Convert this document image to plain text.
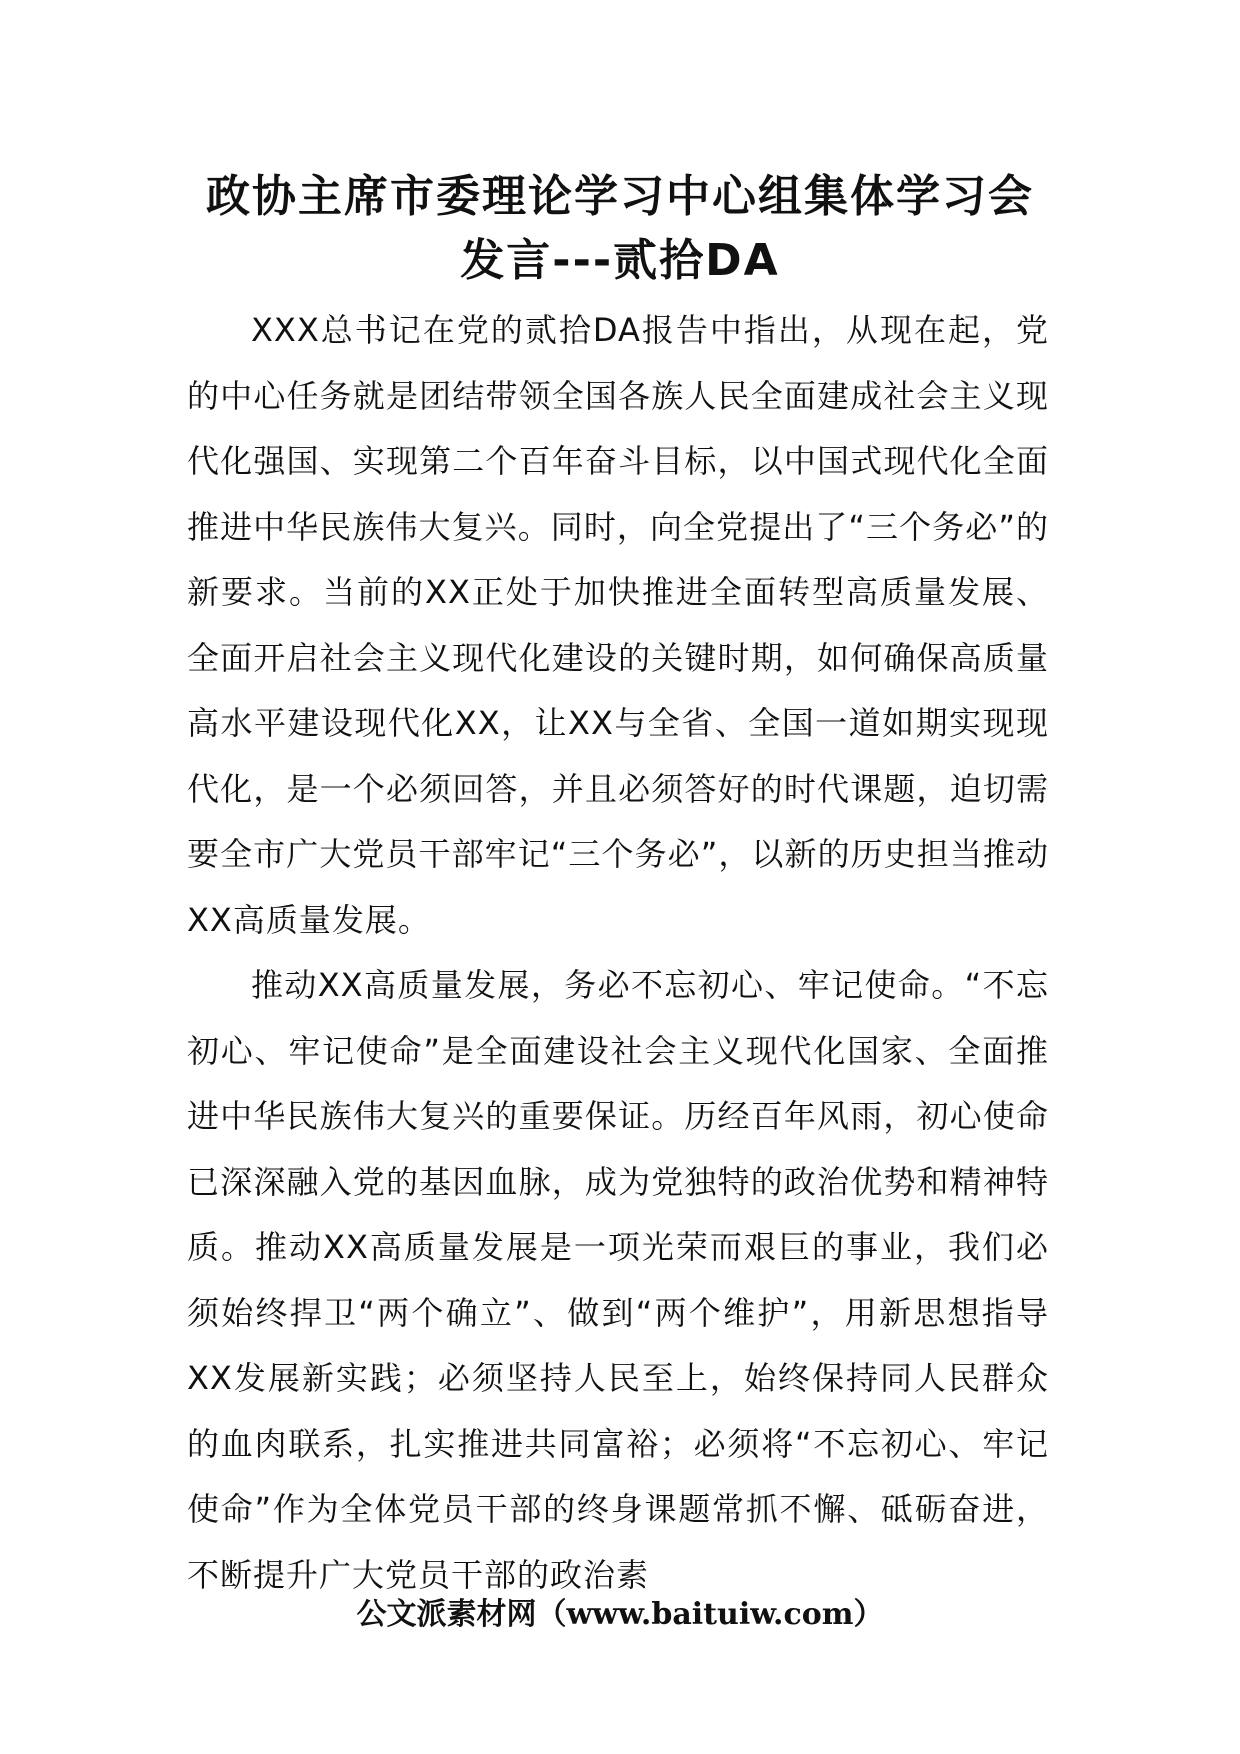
政协主席市委理论学习中心组集体学习会
发言---贰拾DA

XXX总书记在党的贰拾DA报告中指出，从现在起，党的中心任务就是团结带领全国各族人民全面建成社会主义现代化强国、实现第二个百年奋斗目标，以中国式现代化全面推进中华民族伟大复兴。同时，向全党提出了“三个务必”的新要求。当前的XX正处于加快推进全面转型高质量发展、全面开启社会主义现代化建设的关键时期，如何确保高质量高水平建设现代化XX，让XX与全省、全国一道如期实现现代化，是一个必须回答，并且必须答好的时代课题，迫切需要全市广大党员干部牢记“三个务必”，以新的历史担当推动XX高质量发展。

推动XX高质量发展，务必不忘初心、牢记使命。“不忘初心、牢记使命”是全面建设社会主义现代化国家、全面推进中华民族伟大复兴的重要保证。历经百年风雨，初心使命已深深融入党的基因血脉，成为党独特的政治优势和精神特质。推动XX高质量发展是一项光荣而艰巨的事业，我们必须始终捍卫“两个确立”、做到“两个维护”，用新思想指导XX发展新实践；必须坚持人民至上，始终保持同人民群众的血肉联系，扎实推进共同富裕；必须将“不忘初心、牢记使命”作为全体党员干部的终身课题常抓不懈、砥砺奋进，不断提升广大党员干部的政治素

公文派素材网（www.baituiw.com）
